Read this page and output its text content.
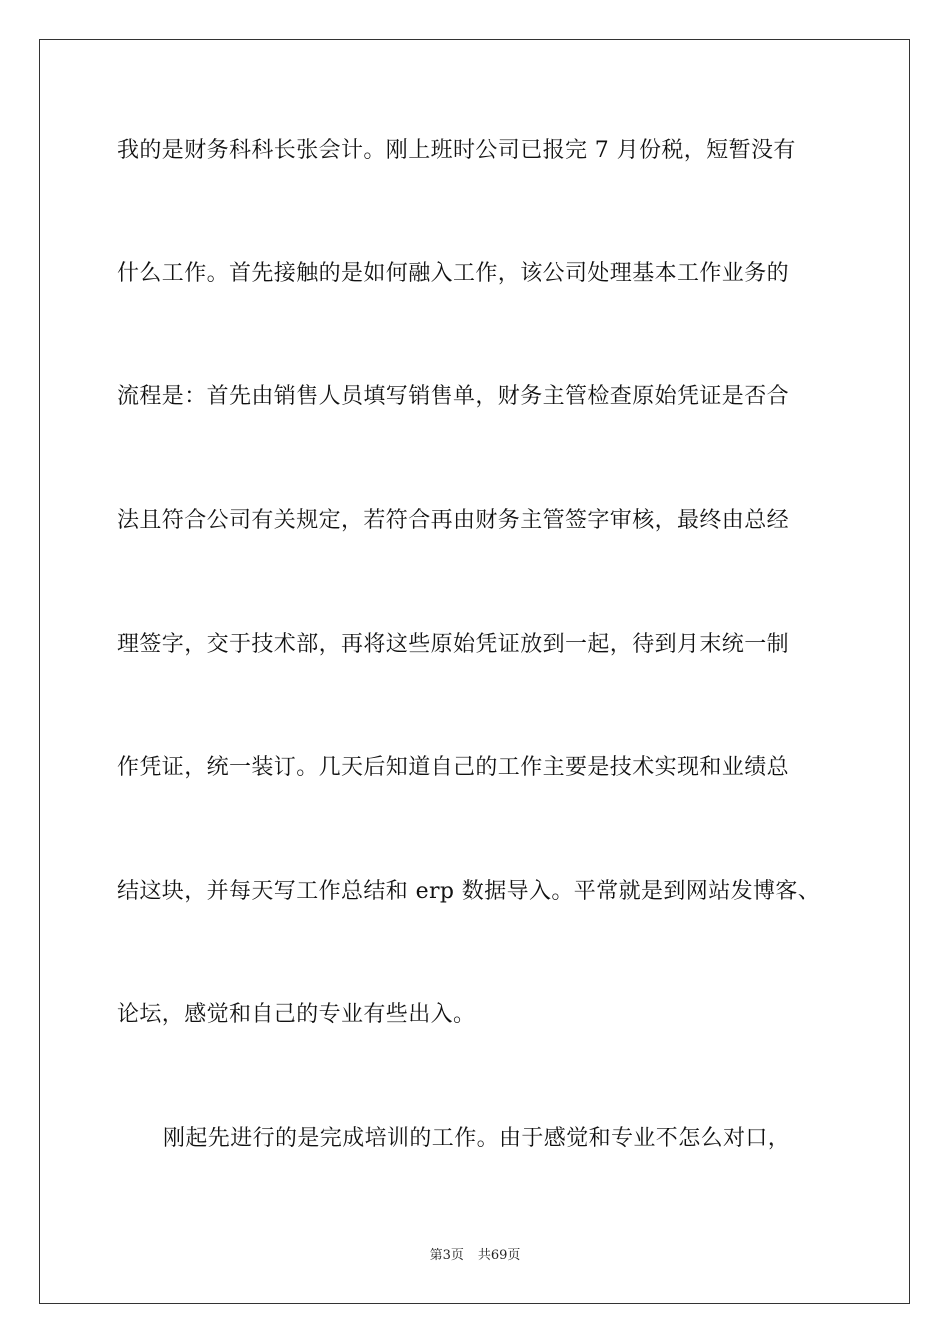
我的是财务科科长张会计。刚上班时公司已报完 7 月份税，短暂没有
什么工作。首先接触的是如何融入工作，该公司处理基本工作业务的
流程是：首先由销售人员填写销售单，财务主管检查原始凭证是否合
法且符合公司有关规定，若符合再由财务主管签字审核，最终由总经
理签字，交于技术部，再将这些原始凭证放到一起，待到月末统一制
作凭证，统一装订。几天后知道自己的工作主要是技术实现和业绩总
结这块，并每天写工作总结和 erp 数据导入。平常就是到网站发博客、
论坛，感觉和自己的专业有些出入。
刚起先进行的是完成培训的工作。由于感觉和专业不怎么对口，
第3页 共69页
